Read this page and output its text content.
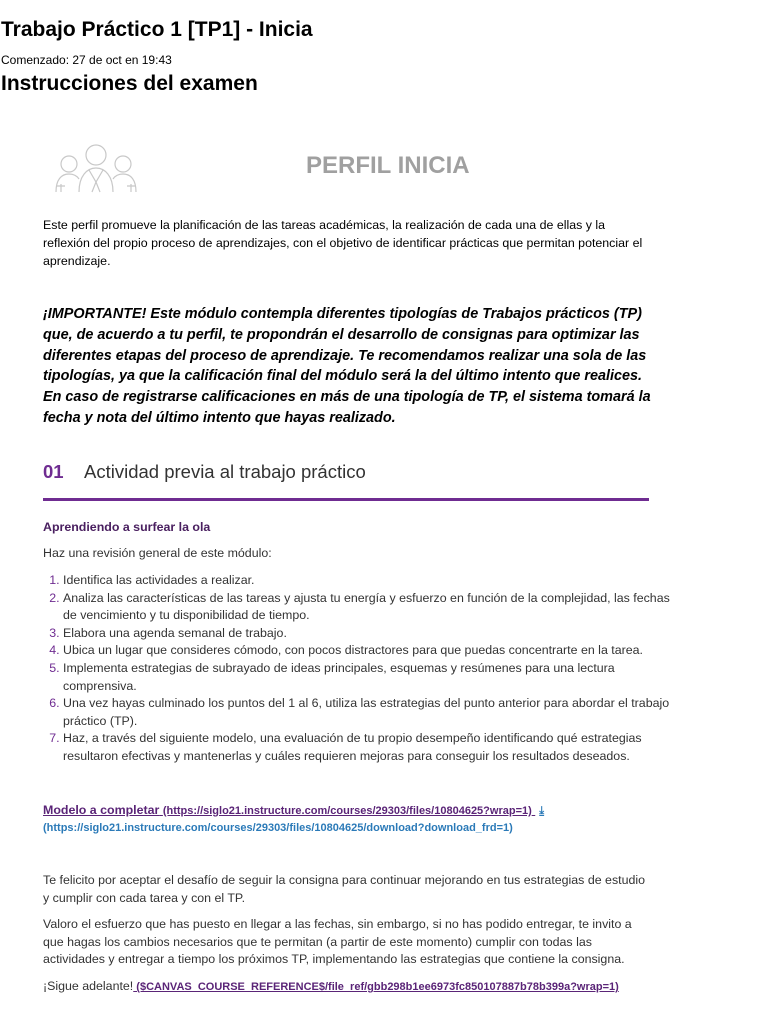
Trabajo Práctico 1 [TP1] - Inicia
Comenzado: 27 de oct en 19:43
Instrucciones del examen
PERFIL INICIA
Este perfil promueve la planificación de las tareas académicas, la realización de cada una de ellas y la reflexión del propio proceso de aprendizajes, con el objetivo de identificar prácticas que permitan potenciar el aprendizaje.
¡IMPORTANTE! Este módulo contempla diferentes tipologías de Trabajos prácticos (TP) que, de acuerdo a tu perfil, te propondrán el desarrollo de consignas para optimizar las diferentes etapas del proceso de aprendizaje. Te recomendamos realizar una sola de las tipologías, ya que la calificación final del módulo será la del último intento que realices. En caso de registrarse calificaciones en más de una tipología de TP, el sistema tomará la fecha y nota del último intento que hayas realizado.
01 Actividad previa al trabajo práctico
Aprendiendo a surfear la ola
Haz una revisión general de este módulo:
1. Identifica las actividades a realizar.
2. Analiza las características de las tareas y ajusta tu energía y esfuerzo en función de la complejidad, las fechas de vencimiento y tu disponibilidad de tiempo.
3. Elabora una agenda semanal de trabajo.
4. Ubica un lugar que consideres cómodo, con pocos distractores para que puedas concentrarte en la tarea.
5. Implementa estrategias de subrayado de ideas principales, esquemas y resúmenes para una lectura comprensiva.
6. Una vez hayas culminado los puntos del 1 al 6, utiliza las estrategias del punto anterior para abordar el trabajo práctico (TP).
7. Haz, a través del siguiente modelo, una evaluación de tu propio desempeño identificando qué estrategias resultaron efectivas y mantenerlas y cuáles requieren mejoras para conseguir los resultados deseados.
Modelo a completar (https://siglo21.instructure.com/courses/29303/files/10804625?wrap=1) ⤓
(https://siglo21.instructure.com/courses/29303/files/10804625/download?download_frd=1)
Te felicito por aceptar el desafío de seguir la consigna para continuar mejorando en tus estrategias de estudio y cumplir con cada tarea y con el TP.
Valoro el esfuerzo que has puesto en llegar a las fechas, sin embargo, si no has podido entregar, te invito a que hagas los cambios necesarios que te permitan (a partir de este momento) cumplir con todas las actividades y entregar a tiempo los próximos TP, implementando las estrategias que contiene la consigna.
¡Sigue adelante! ($CANVAS_COURSE_REFERENCE$/file_ref/gbb298b1ee6973fc850107887b78b399a?wrap=1)
